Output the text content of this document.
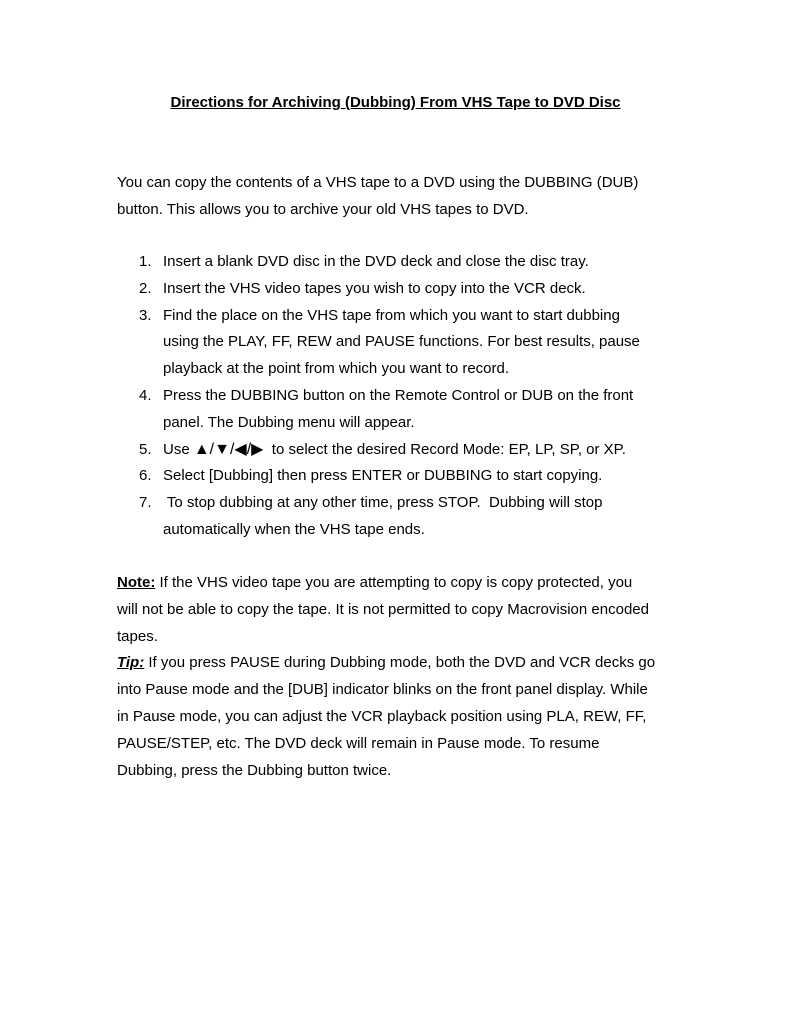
Directions for Archiving (Dubbing) From VHS Tape to DVD Disc
You can copy the contents of a VHS tape to a DVD using the DUBBING (DUB)
button. This allows you to archive your old VHS tapes to DVD.
1. Insert a blank DVD disc in the DVD deck and close the disc tray.
2. Insert the VHS video tapes you wish to copy into the VCR deck.
3. Find the place on the VHS tape from which you want to start dubbing
using the PLAY, FF, REW and PAUSE functions. For best results, pause
playback at the point from which you want to record.
4. Press the DUBBING button on the Remote Control or DUB on the front
panel. The Dubbing menu will appear.
5. Use ▲/▼/◀/▶  to select the desired Record Mode: EP, LP, SP, or XP.
6. Select [Dubbing] then press ENTER or DUBBING to start copying.
7. To stop dubbing at any other time, press STOP.  Dubbing will stop
automatically when the VHS tape ends.
Note: If the VHS video tape you are attempting to copy is copy protected, you
will not be able to copy the tape. It is not permitted to copy Macrovision encoded
tapes.
Tip: If you press PAUSE during Dubbing mode, both the DVD and VCR decks go
into Pause mode and the [DUB] indicator blinks on the front panel display. While
in Pause mode, you can adjust the VCR playback position using PLA, REW, FF,
PAUSE/STEP, etc. The DVD deck will remain in Pause mode. To resume
Dubbing, press the Dubbing button twice.
